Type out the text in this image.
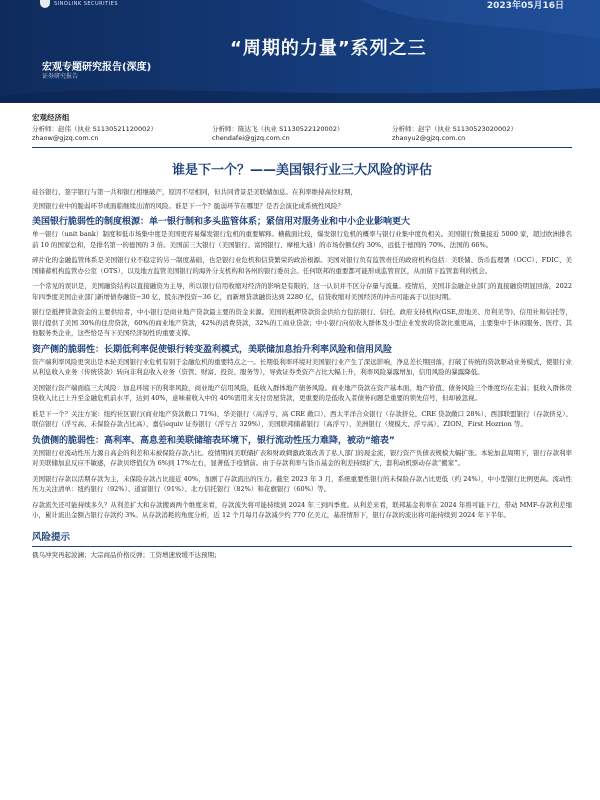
SINOLINK SECURITIES	2023年05月16日
“周期的力量”系列之三
宏观专题研究报告(深度)
证券研究报告
宏观经济组
分析师：赵伟（执业 S1130521120002）
zhaow@gjzq.com.cn
分析师：陈达飞（执业 S1130522120002）
chendafei@gjzq.com.cn
分析师：赵宇（执业 S1130523020002）
zhaoyu2@gjzq.com.cn
谁是下一个？——美国银行业三大风险的评估

硅谷银行、签字银行与第一共和银行相继破产，原因不尽相同，但共同背景是美联储加息。在利率维持高位时期，

美国银行业中的脆弱环节或面临继续出清的风险。谁是下一个？脆弱环节在哪里？是否会演化成系统性风险？

美国银行脆弱性的制度根源：单一银行制和多头监管体系；紧信用对服务业和中小企业影响更大

单一银行（unit bank）制度和低市场集中度是美国更容易爆发银行危机的重要解释。横截面比较，爆发银行危机的概率与银行业集中度负相关。美国银行数量接近 5000 家，超过欧洲排名前 10 的国家总和，是排名第一的德国的 3 倍。美国前三大银行（美国银行、富国银行、摩根大通）的市场份额仅约 30%，远低于德国的 70%、法国的 66%。

碎片化的金融监管体系是美国银行业不稳定的另一制度基础，也是银行业危机和信贷繁荣的政治根源。美国对银行负有监管责任的政府机构包括：美联储、货币监理署（OCC）、FDIC、美国储蓄机构监管办公室（OTS），以及地方监管美国银行的海外分支机构和各州的银行委员会。任何联邦的重要都可能形成监管盲区，从而留下监管套利的机会。

一个常见的误识是，美国融资结构以直接融资为主导，所以银行信用收缩对经济的影响是有限的，这一认识并不区分存量与流量。疫情后，美国非金融企业部门的直接融资明显回落，2022 年四季度美国企业部门新增债券融资−30 亿，股东净投资−36 亿，而新增贷款融资达到 2280 亿，信贷收缩对美国经济的冲击可能高于以往时期。

银行是抵押贷款资金的主要供给者，中小银行是商业地产贷款最主要的资金来源。美国的抵押贷款资金供给方包括银行、信托、政府支持机构(GSE,房地美、房利美等)、信用社和信托等，银行提供了美国 30%的住房贷款，60%的商业地产贷款，42%的消费贷款，32%的工商业贷款；中小银行向依收入群体及小型企业发放的贷款比重更高，主要集中于休闲服务、医疗、其他服务类企业，这些恰是当下美国经济韧性的重要支撑。

资产侧的脆弱性：长期低利率促使银行转变盈利模式，美联储加息抬升利率风险和信用风险

资产端利率风险更突出是本轮美国银行业危机有别于金融危机的重要特点之一。长期低利率环境对美国银行业产生了深远影响，净息差长期回落，打破了传统的贷款驱动业务模式，使银行业从利息收入业务（传统贷款）转向非利息收入业务（资管、财富、投资、服务等），导致证券类资产占比大幅上升，利率风险暴露增加，信用风险的暴露降低。

美国银行资产端面临三大风险：加息环境下的利率风险，商业地产信用风险，低收入群体地产债务风险。商业地产贷款在资产基本面、地产价值、债务风险三个维度均在走弱；低收入群体房贷收入比已上升至金融危机前水平，达到 40%，意味着收入中的 40%需用来支付房屋贷款，更重要的是低收入者债务问题是重要的领先信号，但却被忽视。

谁是下一个？关注方案：纽约社区银行(商业地产贷款敞口 71%)、华美银行（高浮亏、高 CRE 敞口）、西太平洋合众银行（存款挤兑，CRE 贷款敞口 28%）、西部联盟银行（存款挤兑）、联信银行（浮亏高、未保险存款占比高）、嘉信equiv 证券银行（浮亏占 329%）、美国联邦储蓄银行（高浮亏）、美洲银行（规模大、浮亏高）、ZION、First Hozrion 等。

负债侧的脆弱性：高利率、高息差和美联储缩表环境下，银行流动性压力难降，被动“缩表”

美国银行业流动性压力源自高企的利差和未被保险存款占比。疫情期间美联储扩表和财政刺激政策改善了私人部门的现金流，银行资产负债表规模大幅扩张。本轮加息周期下，银行存款利率对美联储加息反应不敏感，存款贝塔值仅为 6%到 17%左右，显著低于疫情前。由于存款利率与货币基金的利差持续扩大，套利动机驱动存款“搬家”。

美国银行存款以活期存款为主，未保险存款占比接近 40%，加剧了存款流出的压力。截至 2023 年 3 月，系统重要性银行的未保险存款占比更低（约 24%），中小型银行比例更高。流动性压力关注清单：纽约银行（92%）、道富银行（91%）、北方信托银行（82%）和花旗银行（60%）等。

存款流失还可能持续多久？从利差扩大和存款搬离两个维度来看，存款流失将可能持续到 2024 年三到四季度。从利差来看，联邦基金利率在 2024 年将可能下行，带动 MMF-存款利差缩小，累计流出金额占银行存款约 3%。从存款消耗的角度分析，近 12 个月每月存款减少约 770 亿美元，基准情形下，银行存款的流出将可能持续到 2024 年下半年。

风险提示
俄乌冲突再起波澜；大宗商品价格反弹；工资增速放缓不达预期；
